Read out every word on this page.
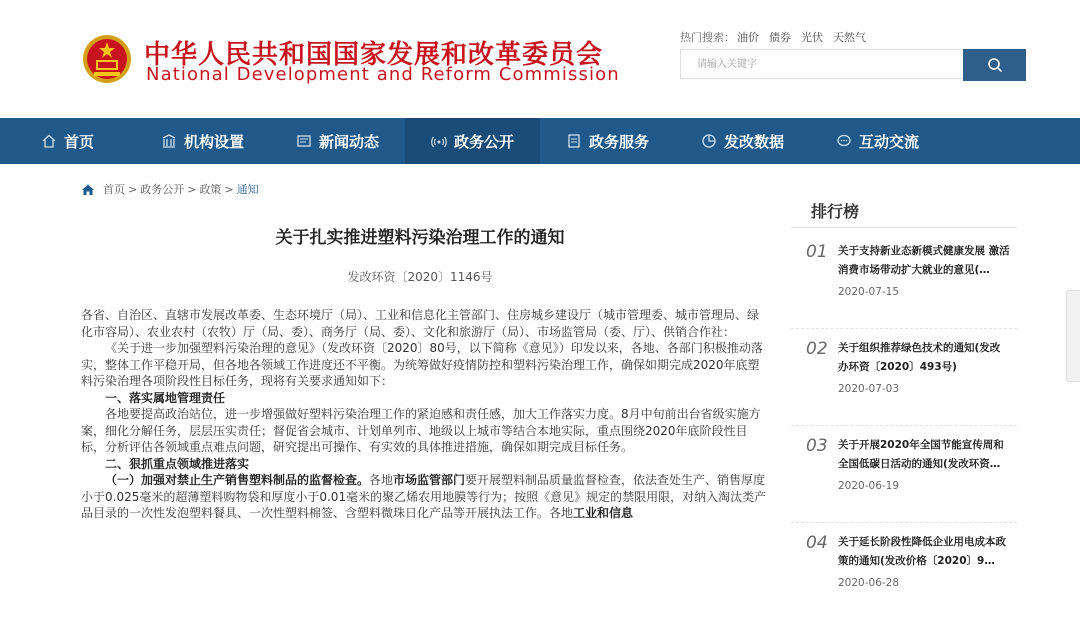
中华人民共和国国家发展和改革委员会
National Development and Reform Commission
热门搜索： 油价 债券 光伏 天然气
请输入关键字
首页	机构设置	新闻动态	政务公开	政务服务	发改数据	互动交流
首页 > 政务公开 > 政策 > 通知
关于扎实推进塑料污染治理工作的通知
发改环资〔2020〕1146号

各省、自治区、直辖市发展改革委、生态环境厅（局）、工业和信息化主管部门、住房城乡建设厅（城市管理委、城市管理局、绿化市容局）、农业农村（农牧）厅（局、委）、商务厅（局、委）、文化和旅游厅（局）、市场监管局（委、厅）、供销合作社：

《关于进一步加强塑料污染治理的意见》（发改环资〔2020〕80号，以下简称《意见》）印发以来，各地、各部门积极推动落实，整体工作平稳开局，但各地各领域工作进度还不平衡。为统筹做好疫情防控和塑料污染治理工作，确保如期完成2020年底塑料污染治理各项阶段性目标任务，现将有关要求通知如下：

一、落实属地管理责任

各地要提高政治站位，进一步增强做好塑料污染治理工作的紧迫感和责任感，加大工作落实力度。8月中旬前出台省级实施方案，细化分解任务，层层压实责任；督促省会城市、计划单列市、地级以上城市等结合本地实际，重点围绕2020年底阶段性目标，分析评估各领域重点难点问题，研究提出可操作、有实效的具体推进措施，确保如期完成目标任务。

二、狠抓重点领域推进落实

（一）加强对禁止生产销售塑料制品的监督检查。各地市场监管部门要开展塑料制品质量监督检查，依法查处生产、销售厚度小于0.025毫米的超薄塑料购物袋和厚度小于0.01毫米的聚乙烯农用地膜等行为；按照《意见》规定的禁限用限，对纳入淘汰类产品目录的一次性发泡塑料餐具、一次性塑料棉签、含塑料微珠日化产品等开展执法工作。各地工业和信息

排行榜
01 关于支持新业态新模式健康发展 激活消费市场带动扩大就业的意见(…
2020-07-15
02 关于组织推荐绿色技术的通知(发改办环资〔2020〕493号)
2020-07-03
03 关于开展2020年全国节能宣传周和全国低碳日活动的通知(发改环资…
2020-06-19
04 关于延长阶段性降低企业用电成本政策的通知(发改价格〔2020〕9…
2020-06-28
